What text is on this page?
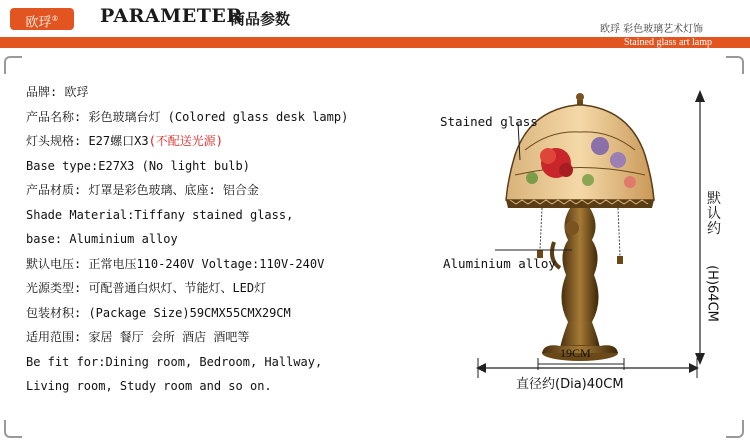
欧琈®	PARAMETER
商品参数
欧琈 彩色玻璃艺术灯饰
Stained glass art lamp
品牌: 欧琈
产品名称: 彩色玻璃台灯 (Colored glass desk lamp)
灯头规格: E27螺口X3(不配送光源)
Base type:E27X3 (No light bulb)
产品材质: 灯罩是彩色玻璃、底座: 铝合金
Shade Material:Tiffany stained glass,
base: Aluminium alloy
默认电压: 正常电压110-240V Voltage:110V-240V
光源类型: 可配普通白炽灯、节能灯、LED灯
包装材积: (Package Size)59CMX55CMX29CM
适用范围: 家居 餐厅 会所 酒店 酒吧等
Be fit for:Dining room, Bedroom, Hallway,
Living room, Study room and so on.
Stained glass
Aluminium alloy
19CM
直径约(Dia)40CM
默认约
(H)64CM
